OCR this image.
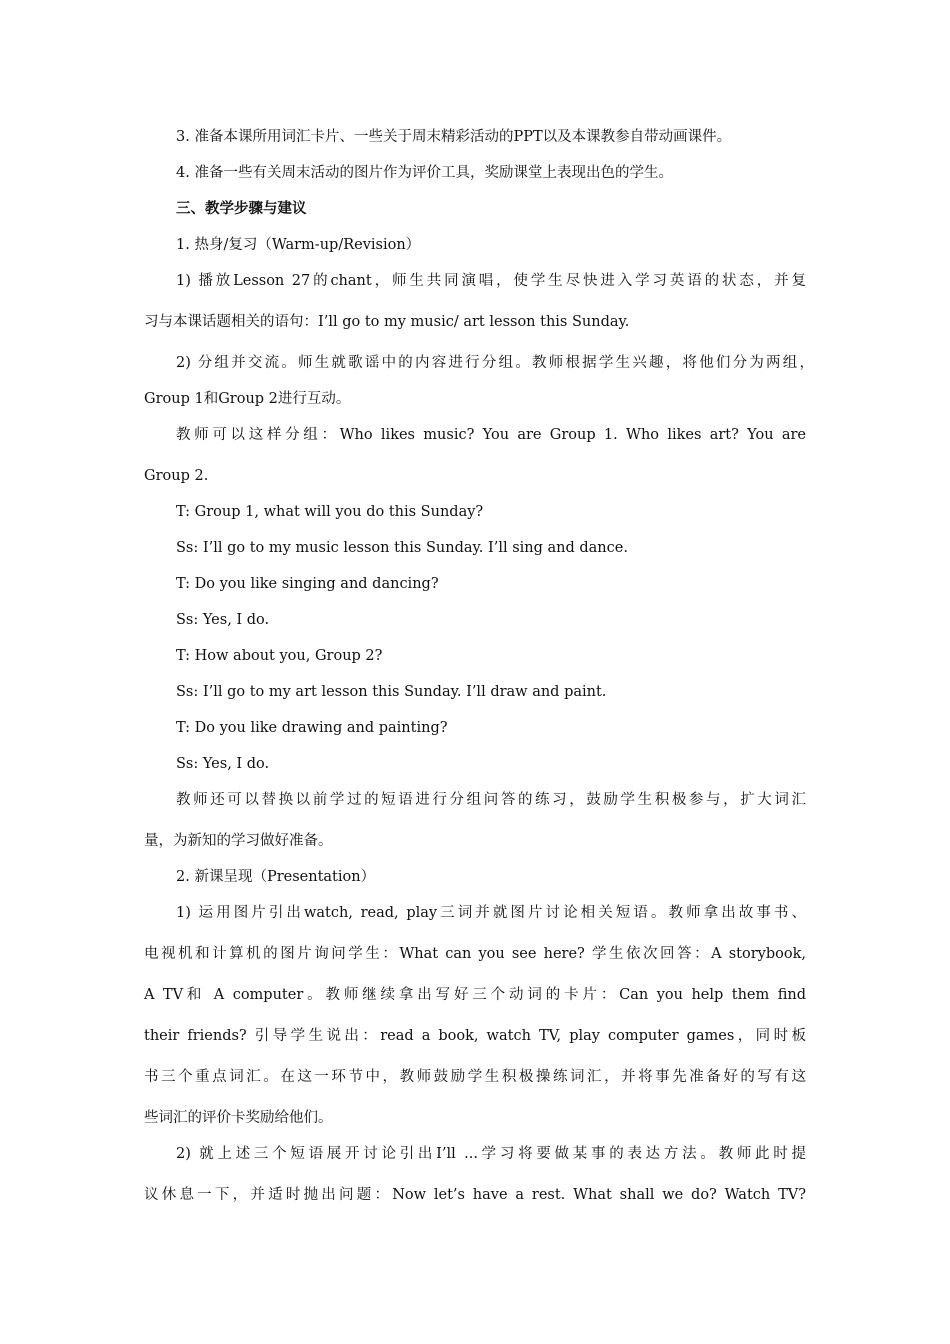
3. 准备本课所用词汇卡片、一些关于周末精彩活动的PPT以及本课教参自带动画课件。

4. 准备一些有关周末活动的图片作为评价工具，奖励课堂上表现出色的学生。

三、教学步骤与建议

1. 热身/复习（Warm-up/Revision）

1) 播放Lesson 27的chant，师生共同演唱，使学生尽快进入学习英语的状态，并复

习与本课话题相关的语句：I’ll go to my music/ art lesson this Sunday.

2) 分组并交流。师生就歌谣中的内容进行分组。教师根据学生兴趣，将他们分为两组，

Group 1和Group 2进行互动。

教师可以这样分组：Who likes music? You are Group 1. Who likes art? You are

Group 2.

T: Group 1, what will you do this Sunday?

Ss: I’ll go to my music lesson this Sunday. I’ll sing and dance.

T: Do you like singing and dancing?

Ss: Yes, I do.

T: How about you, Group 2?

Ss: I’ll go to my art lesson this Sunday. I’ll draw and paint.

T: Do you like drawing and painting?

Ss: Yes, I do.

教师还可以替换以前学过的短语进行分组问答的练习，鼓励学生积极参与，扩大词汇

量，为新知的学习做好准备。

2. 新课呈现（Presentation）

1) 运用图片引出watch, read, play三词并就图片讨论相关短语。教师拿出故事书、

电视机和计算机的图片询问学生：What can you see here? 学生依次回答：A storybook,

A TV和 A computer。教师继续拿出写好三个动词的卡片：Can you help them find

their friends? 引导学生说出：read a book, watch TV, play computer games，同时板

书三个重点词汇。在这一环节中，教师鼓励学生积极操练词汇，并将事先准备好的写有这

些词汇的评价卡奖励给他们。

2) 就上述三个短语展开讨论引出I’ll ...学习将要做某事的表达方法。教师此时提

议休息一下，并适时抛出问题：Now let’s have a rest. What shall we do? Watch TV?
